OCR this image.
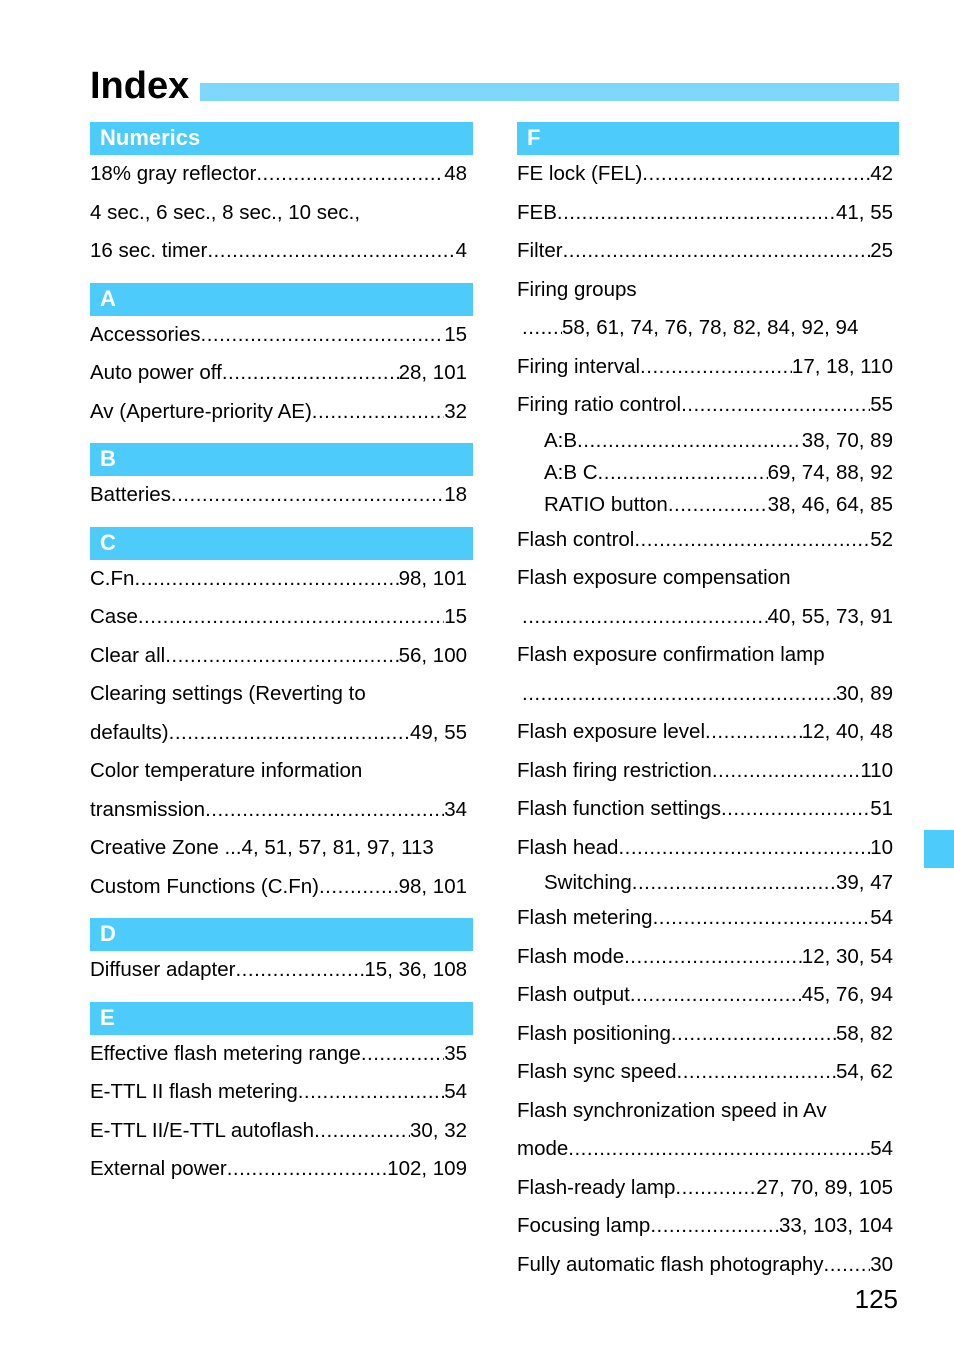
Index
Numerics
18% gray reflector .....	48
4 sec., 6 sec., 8 sec., 10 sec.,
16 sec. timer .....	4
A
Accessories .....	15
Auto power off .....	28, 101
Av (Aperture-priority AE) .....	32
B
Batteries .....	18
C
C.Fn .....	98, 101
Case .....	15
Clear all .....	56, 100
Clearing settings (Reverting to
defaults) .....	49, 55
Color temperature information
transmission .....	34
Creative Zone ...4, 51, 57, 81, 97, 113
Custom Functions (C.Fn) .....	98, 101
D
Diffuser adapter .....	15, 36, 108
E
Effective flash metering range .....	35
E-TTL II flash metering .....	54
E-TTL II/E-TTL autoflash .....	30, 32
External power .....	102, 109
F
FE lock (FEL) .....	42
FEB .....	41, 55
Filter .....	25
Firing groups
.....
58, 61, 74, 76, 78, 82, 84, 92, 94
Firing interval .....	17, 18, 110
Firing ratio control .....	55
A:B .....	38, 70, 89
A:B C .....	69, 74, 88, 92
RATIO button .....	38, 46, 64, 85
Flash control .....	52
Flash exposure compensation
.....
40, 55, 73, 91
Flash exposure confirmation lamp
.....
30, 89
Flash exposure level .....	12, 40, 48
Flash firing restriction .....	110
Flash function settings .....	51
Flash head .....	10
Switching .....	39, 47
Flash metering .....	54
Flash mode .....	12, 30, 54
Flash output .....	45, 76, 94
Flash positioning .....	58, 82
Flash sync speed .....	54, 62
Flash synchronization speed in Av
mode .....	54
Flash-ready lamp .....	27, 70, 89, 105
Focusing lamp .....	33, 103, 104
Fully automatic flash photography ..... 30
125
